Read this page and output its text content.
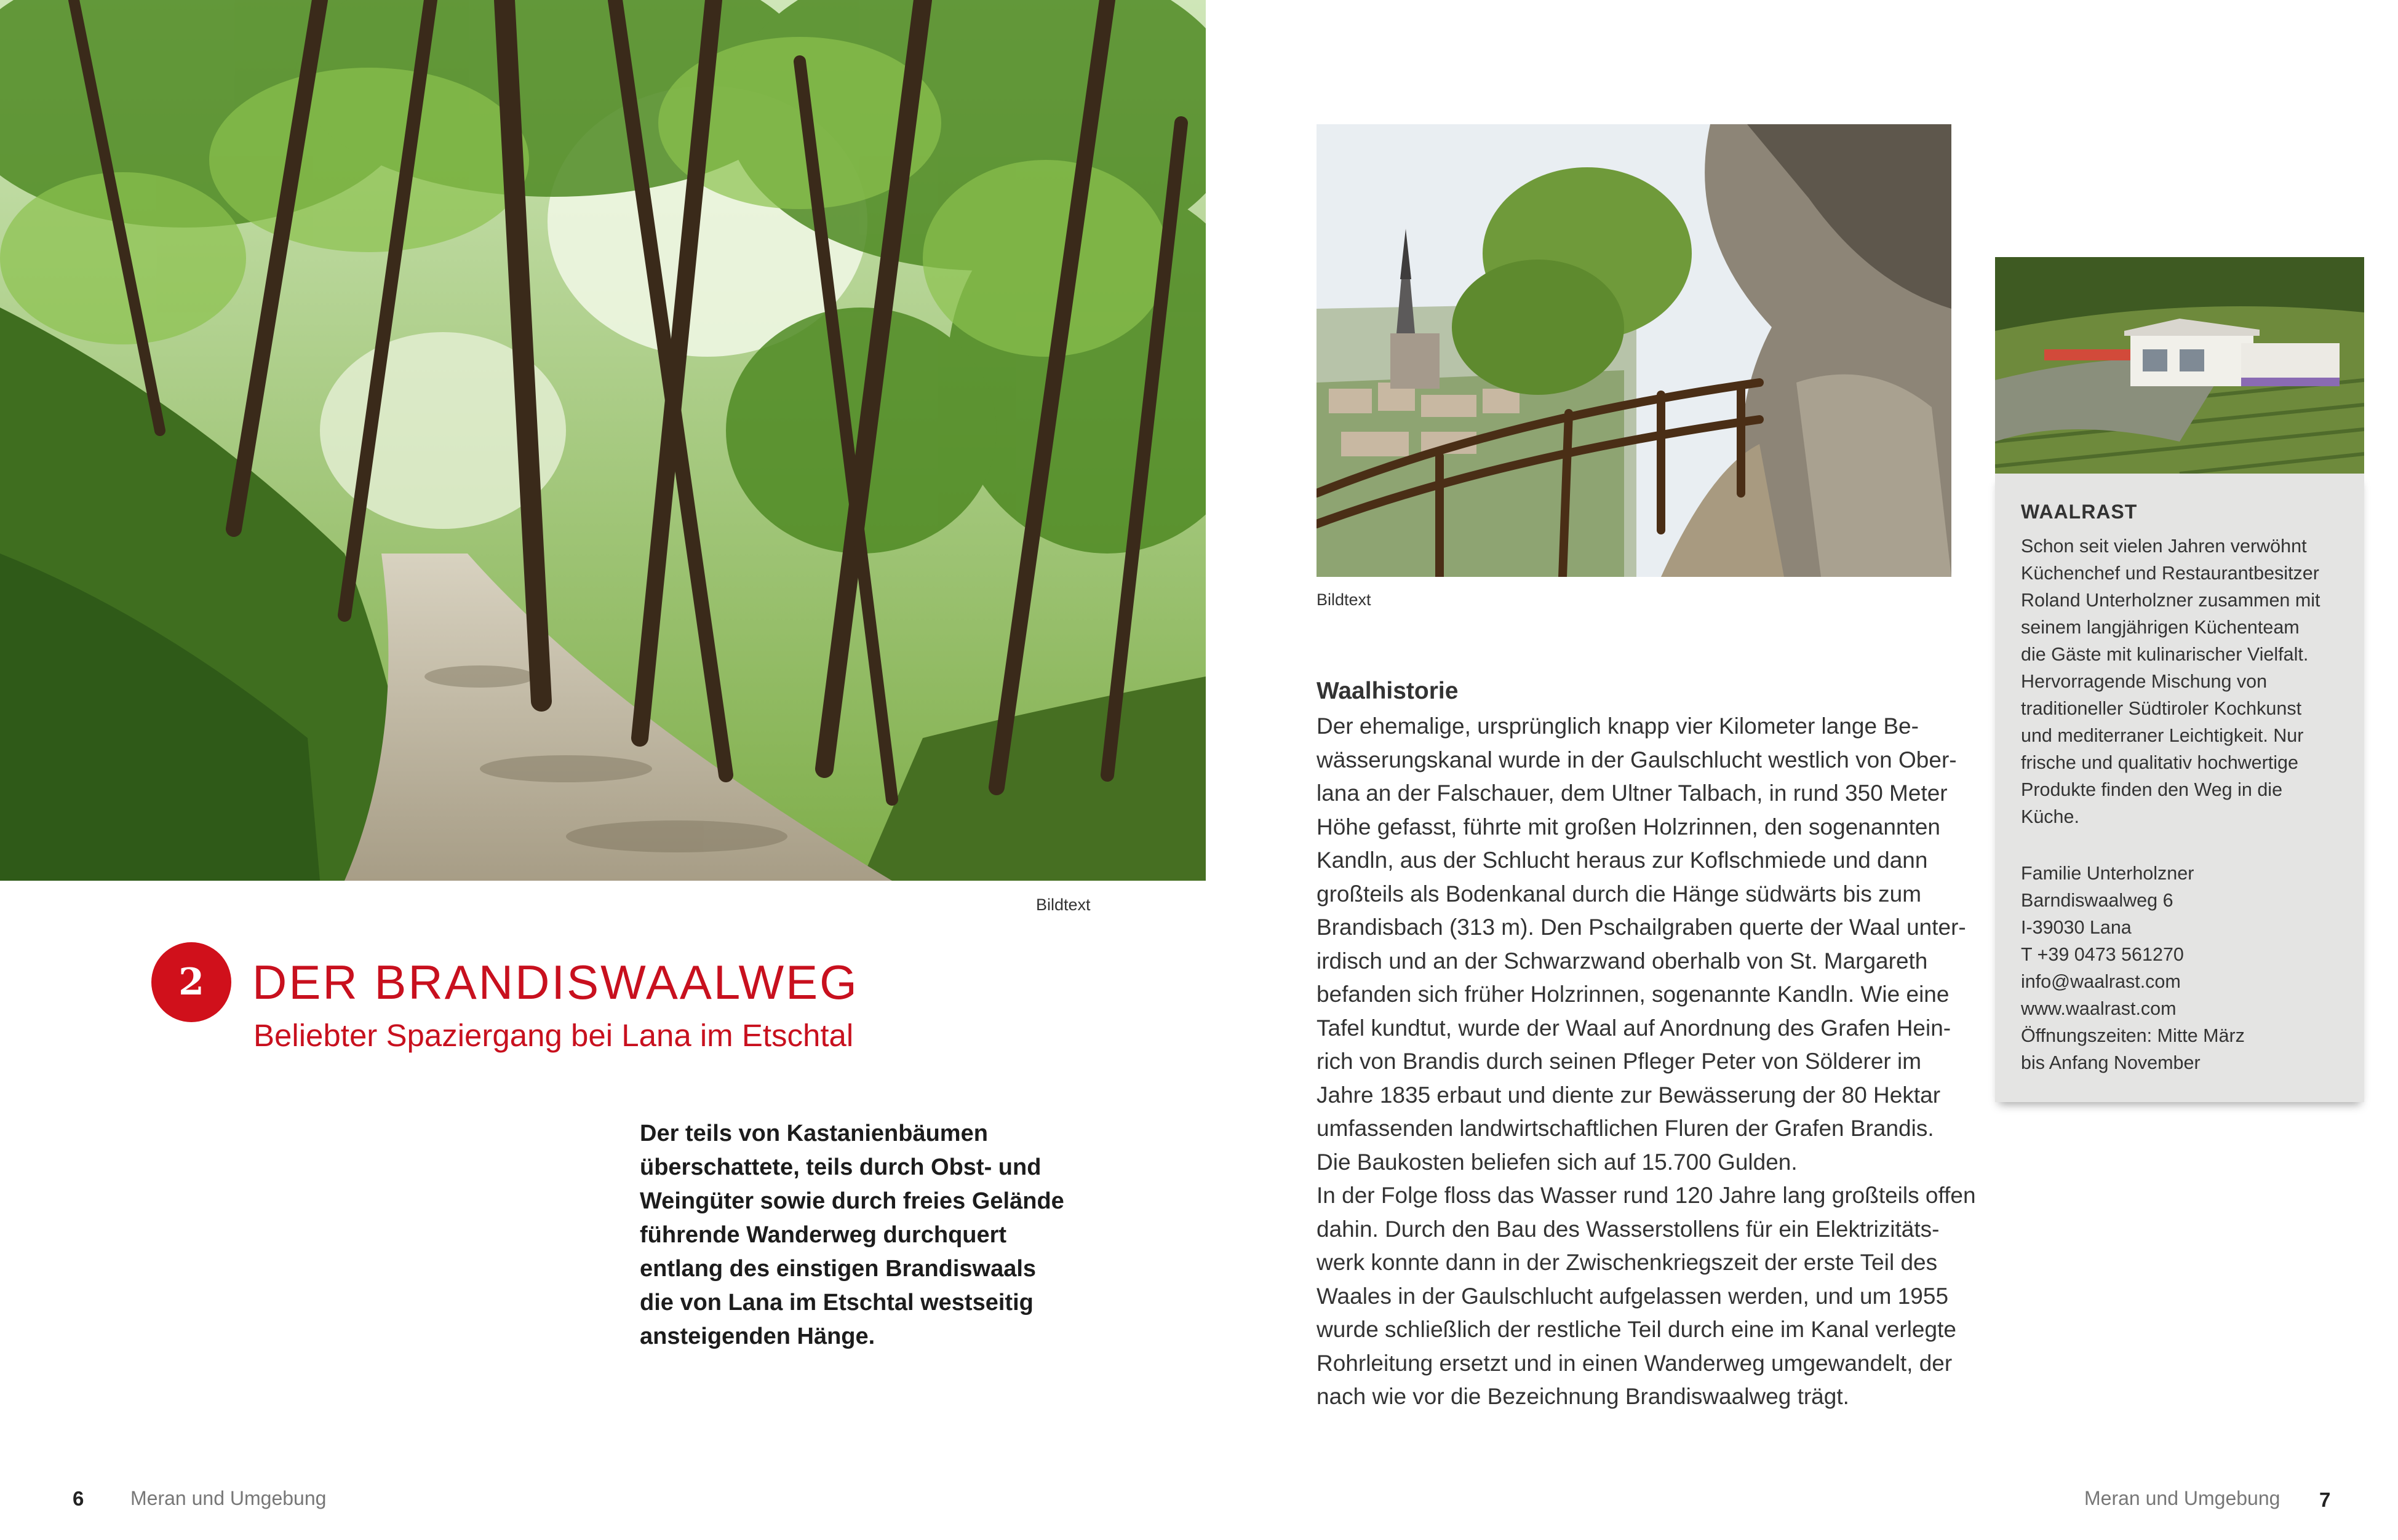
Bildtext
Bildtext
2	DER BRANDISWAALWEG
Beliebter Spaziergang bei Lana im Etschtal
Der teils von Kastanienbäumen
überschattete, teils durch Obst- und
Weingüter sowie durch freies Gelände
führende Wanderweg durchquert
entlang des einstigen Brandiswaals
die von Lana im Etschtal westseitig
ansteigenden Hänge.
Waalhistorie
Der ehemalige, ursprünglich knapp vier Kilometer lange Be-
wässerungskanal wurde in der Gaulschlucht westlich von Ober-
lana an der Falschauer, dem Ultner Talbach, in rund 350 Meter
Höhe gefasst, führte mit großen Holzrinnen, den sogenannten
Kandln, aus der Schlucht heraus zur Koflschmiede und dann
großteils als Bodenkanal durch die Hänge südwärts bis zum
Brandisbach (313 m). Den Pschailgraben querte der Waal unter-
irdisch und an der Schwarzwand oberhalb von St. Margareth
befanden sich früher Holzrinnen, sogenannte Kandln. Wie eine
Tafel kundtut, wurde der Waal auf Anordnung des Grafen Hein-
rich von Brandis durch seinen Pfleger Peter von Sölderer im
Jahre 1835 erbaut und diente zur Bewässerung der 80 Hektar
umfassenden landwirtschaftlichen Fluren der Grafen Brandis.
Die Baukosten beliefen sich auf 15.700 Gulden.
In der Folge floss das Wasser rund 120 Jahre lang großteils offen
dahin. Durch den Bau des Wasserstollens für ein Elektrizitäts-
werk konnte dann in der Zwischenkriegszeit der erste Teil des
Waales in der Gaulschlucht aufgelassen werden, und um 1955
wurde schließlich der restliche Teil durch eine im Kanal verlegte
Rohrleitung ersetzt und in einen Wanderweg umgewandelt, der
nach wie vor die Bezeichnung Brandiswaalweg trägt.
WAALRAST
Schon seit vielen Jahren verwöhnt
Küchenchef und Restaurantbesitzer
Roland Unterholzner zusammen mit
seinem langjährigen Küchenteam
die Gäste mit kulinarischer Vielfalt.
Hervorragende Mischung von
traditioneller Südtiroler Kochkunst
und mediterraner Leichtigkeit. Nur
frische und qualitativ hochwertige
Produkte finden den Weg in die
Küche.
Familie Unterholzner
Barndiswaalweg 6
I-39030 Lana
T +39 0473 561270
info@waalrast.com
www.waalrast.com
Öffnungszeiten: Mitte März
bis Anfang November
6 Meran und Umgebung	Meran und Umgebung 7
